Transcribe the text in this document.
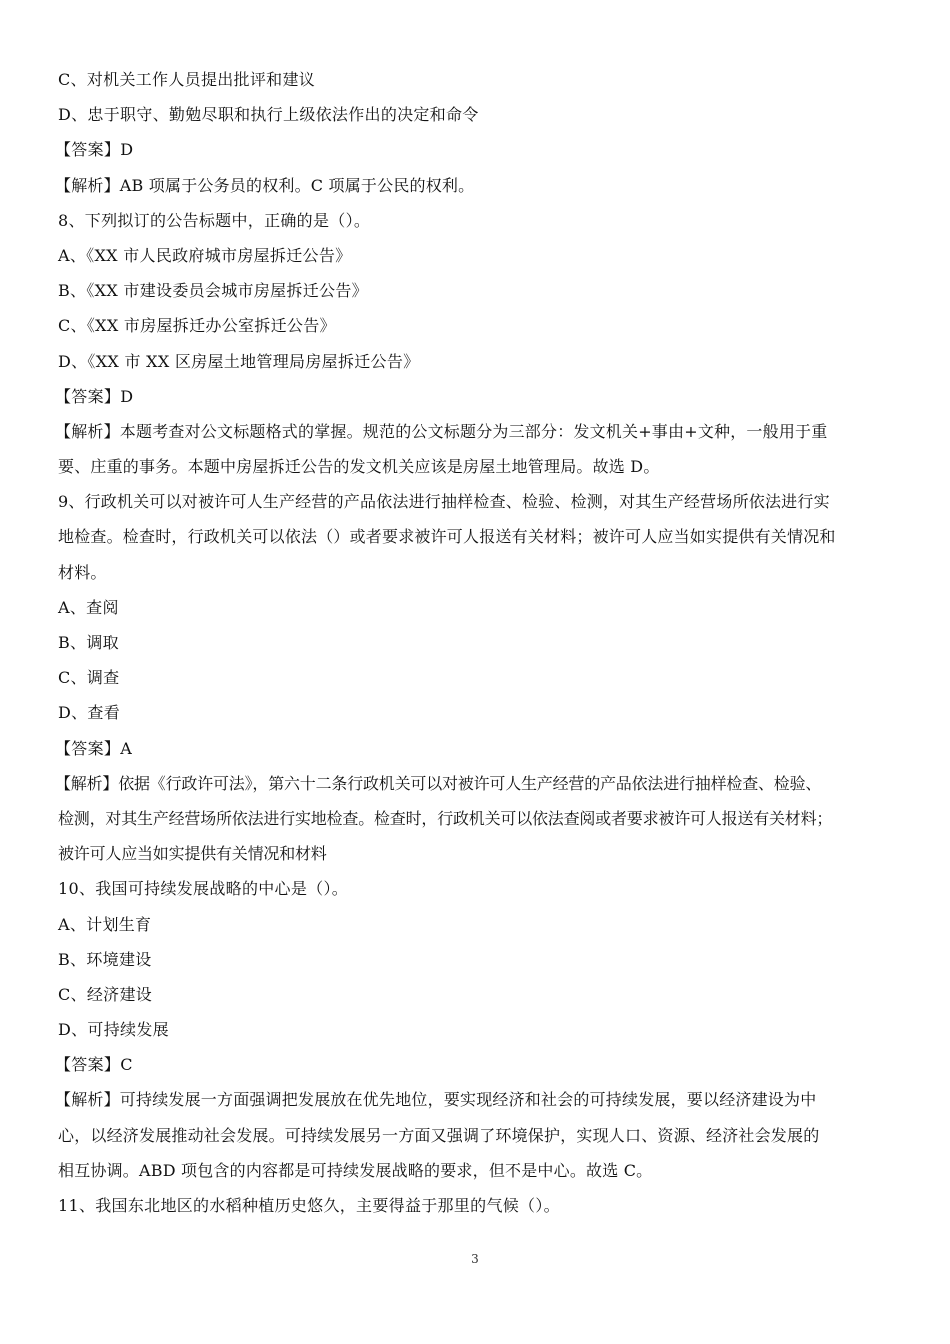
C、对机关工作人员提出批评和建议
D、忠于职守、勤勉尽职和执行上级依法作出的决定和命令
【答案】D
【解析】AB 项属于公务员的权利。C 项属于公民的权利。
8、下列拟订的公告标题中，正确的是（）。
A、《XX 市人民政府城市房屋拆迁公告》
B、《XX 市建设委员会城市房屋拆迁公告》
C、《XX 市房屋拆迁办公室拆迁公告》
D、《XX 市 XX 区房屋土地管理局房屋拆迁公告》
【答案】D
【解析】本题考查对公文标题格式的掌握。规范的公文标题分为三部分：发文机关+事由+文种，一般用于重
要、庄重的事务。本题中房屋拆迁公告的发文机关应该是房屋土地管理局。故选 D。
9、行政机关可以对被许可人生产经营的产品依法进行抽样检查、检验、检测，对其生产经营场所依法进行实
地检查。检查时，行政机关可以依法（）或者要求被许可人报送有关材料；被许可人应当如实提供有关情况和
材料。
A、查阅
B、调取
C、调查
D、查看
【答案】A
【解析】依据《行政许可法》，第六十二条行政机关可以对被许可人生产经营的产品依法进行抽样检查、检验、
检测，对其生产经营场所依法进行实地检查。检查时，行政机关可以依法查阅或者要求被许可人报送有关材料；
被许可人应当如实提供有关情况和材料
10、我国可持续发展战略的中心是（）。
A、计划生育
B、环境建设
C、经济建设
D、可持续发展
【答案】C
【解析】可持续发展一方面强调把发展放在优先地位，要实现经济和社会的可持续发展，要以经济建设为中
心，以经济发展推动社会发展。可持续发展另一方面又强调了环境保护，实现人口、资源、经济社会发展的
相互协调。ABD 项包含的内容都是可持续发展战略的要求，但不是中心。故选 C。
11、我国东北地区的水稻种植历史悠久，主要得益于那里的气候（）。
3
